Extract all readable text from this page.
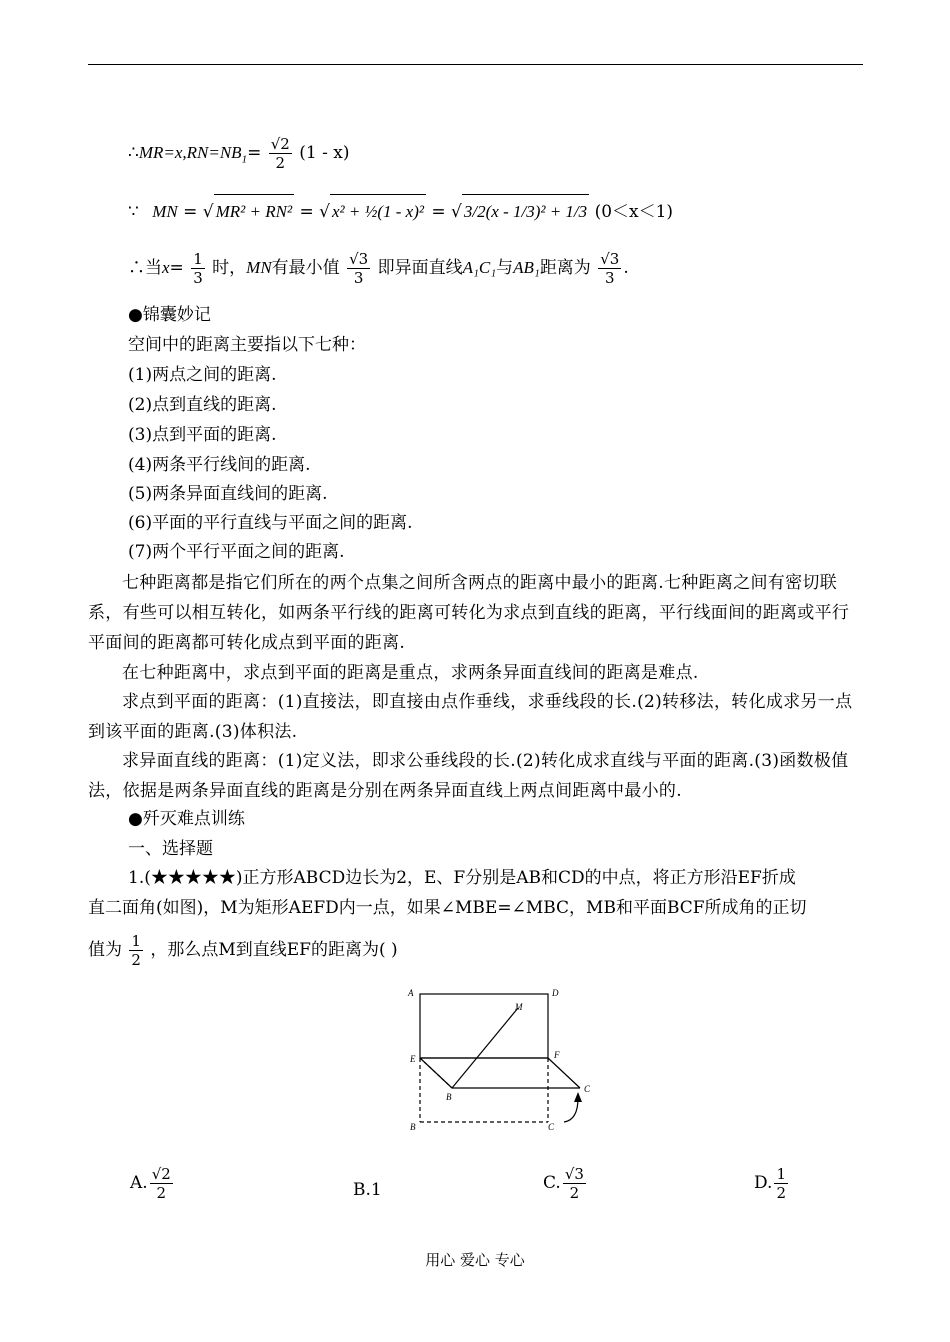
$\therefore MR=x,RN=NB_1= \frac{√2}{2} (1 - x)$
∵ MN = √ MR² + RN² = √ x² + ½(1 - x)² = √ 3/2(x - 1/3)² + 1/3 (0＜x＜1)
∴当$x= \frac{1}{3}$ 时，MN有最小值 $\frac{√3}{3}$ 即异面直线A₁C₁与AB₁距离为 $\frac{√3}{3}$ .
●锦囊妙记
空间中的距离主要指以下七种：
(1)两点之间的距离.
(2)点到直线的距离.
(3)点到平面的距离.
(4)两条平行线间的距离.
(5)两条异面直线间的距离.
(6)平面的平行直线与平面之间的距离.
(7)两个平行平面之间的距离.
七种距离都是指它们所在的两个点集之间所含两点的距离中最小的距离.七种距离之间有密切联系，有些可以相互转化，如两条平行线的距离可转化为求点到直线的距离，平行线面间的距离或平行平面间的距离都可转化成点到平面的距离.
在七种距离中，求点到平面的距离是重点，求两条异面直线间的距离是难点.
求点到平面的距离：(1)直接法，即直接由点作垂线，求垂线段的长.(2)转移法，转化成求另一点到该平面的距离.(3)体积法.
求异面直线的距离：(1)定义法，即求公垂线段的长.(2)转化成求直线与平面的距离.(3)函数极值法，依据是两条异面直线的距离是分别在两条异面直线上两点间距离中最小的.
●歼灭难点训练
一、选择题
1.(★★★★★)正方形ABCD边长为2，E、F分别是AB和CD的中点，将正方形沿EF折成
直二面角(如图)，M为矩形AEFD内一点，如果∠MBE=∠MBC，MB和平面BCF所成角的正切
值为 $\frac{1}{2}$ ，那么点M到直线EF的距离为( )
A	D
M
E	F
B
C
B	C
A. $\frac{√2}{2}$	B.1	C. $\frac{√3}{2}$	D. $\frac{1}{2}$
用心 爱心 专心
